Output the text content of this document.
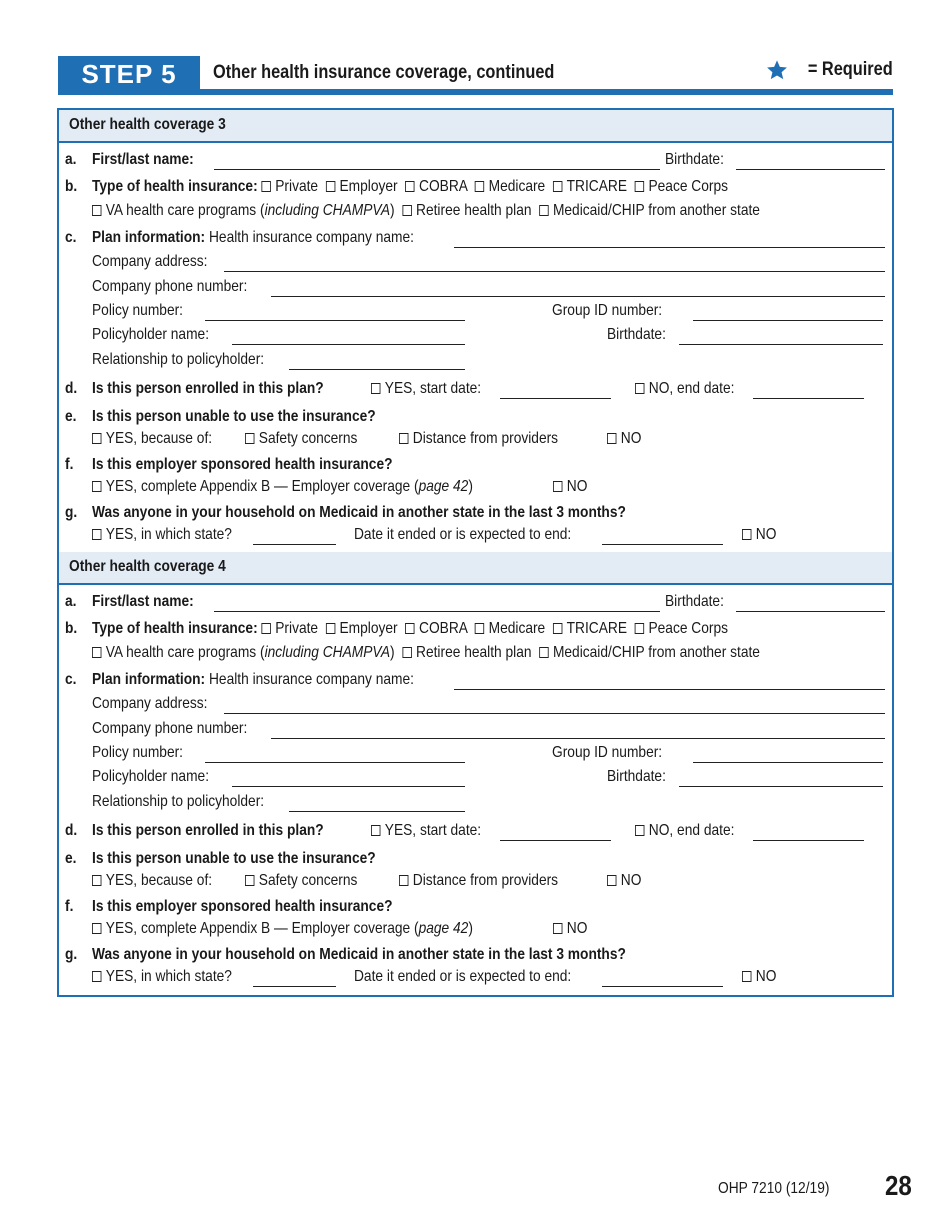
STEP 5	Other health insurance coverage, continued	= Required
Other health coverage 3
a. First/last name:	Birthdate:
b. Type of health insurance: Private Employer COBRA Medicare TRICARE Peace Corps
VA health care programs (including CHAMPVA) Retiree health plan Medicaid/CHIP from another state
c. Plan information: Health insurance company name:
Company address:
Company phone number:
Policy number:	Group ID number:
Policyholder name:	Birthdate:
Relationship to policyholder:
d. Is this person enrolled in this plan?	YES, start date:	NO, end date:
e. Is this person unable to use the insurance?
YES, because of:	Safety concerns	Distance from providers	NO
f. Is this employer sponsored health insurance?
YES, complete Appendix B — Employer coverage (page 42)	NO
g. Was anyone in your household on Medicaid in another state in the last 3 months?
YES, in which state?	Date it ended or is expected to end:	NO
Other health coverage 4
a. First/last name:	Birthdate:
b. Type of health insurance: Private Employer COBRA Medicare TRICARE Peace Corps
VA health care programs (including CHAMPVA) Retiree health plan Medicaid/CHIP from another state
c. Plan information: Health insurance company name:
Company address:
Company phone number:
Policy number:	Group ID number:
Policyholder name:	Birthdate:
Relationship to policyholder:
d. Is this person enrolled in this plan?	YES, start date:	NO, end date:
e. Is this person unable to use the insurance?
YES, because of:	Safety concerns	Distance from providers	NO
f. Is this employer sponsored health insurance?
YES, complete Appendix B — Employer coverage (page 42)	NO
g. Was anyone in your household on Medicaid in another state in the last 3 months?
YES, in which state?	Date it ended or is expected to end:	NO
OHP 7210 (12/19)	28
